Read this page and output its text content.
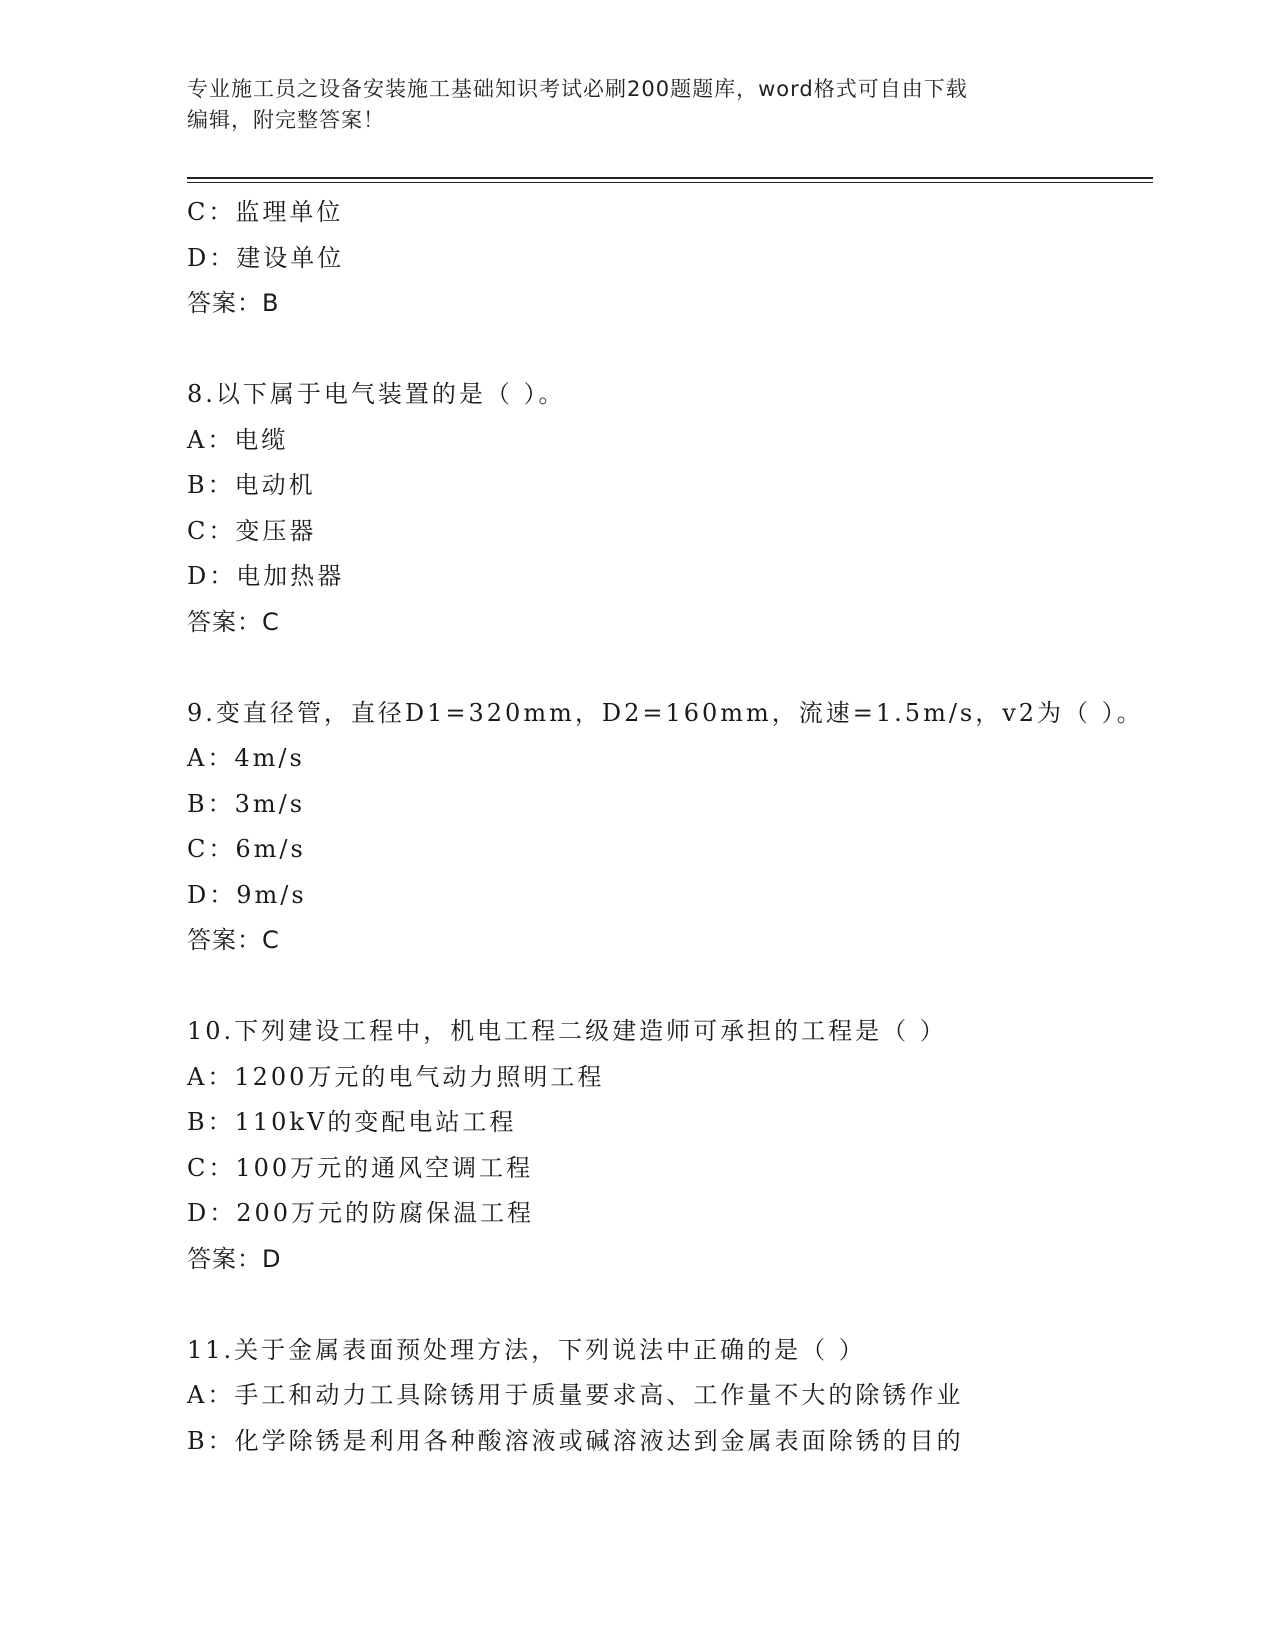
专业施工员之设备安装施工基础知识考试必刷200题题库，word格式可自由下载
编辑，附完整答案！
C：监理单位
D：建设单位
答案：B
8.以下属于电气装置的是（ ）。
A：电缆
B：电动机
C：变压器
D：电加热器
答案：C
9.变直径管，直径D1=320mm，D2=160mm，流速=1.5m/s，v2为（ ）。
A：4m/s
B：3m/s
C：6m/s
D：9m/s
答案：C
10.下列建设工程中，机电工程二级建造师可承担的工程是（ ）
A：1200万元的电气动力照明工程
B：110kV的变配电站工程
C：100万元的通风空调工程
D：200万元的防腐保温工程
答案：D
11.关于金属表面预处理方法，下列说法中正确的是（ ）
A：手工和动力工具除锈用于质量要求高、工作量不大的除锈作业
B：化学除锈是利用各种酸溶液或碱溶液达到金属表面除锈的目的
